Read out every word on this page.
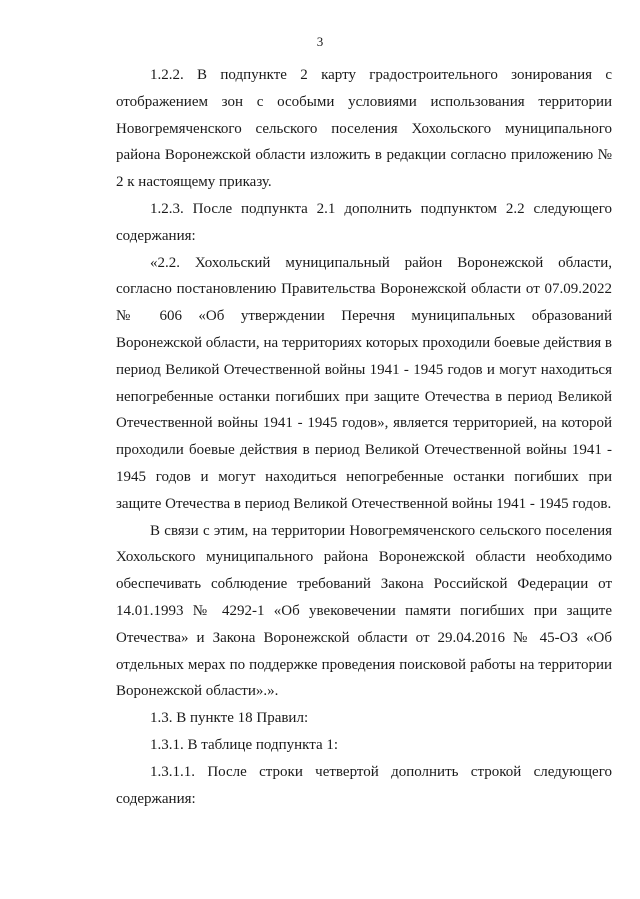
3

1.2.2. В подпункте 2 карту градостроительного зонирования с отображением зон с особыми условиями использования территории Новогремяченского сельского поселения Хохольского муниципального района Воронежской области изложить в редакции согласно приложению № 2 к настоящему приказу.

1.2.3. После подпункта 2.1 дополнить подпунктом 2.2 следующего содержания:

«2.2. Хохольский муниципальный район Воронежской области, согласно постановлению Правительства Воронежской области от 07.09.2022 № 606 «Об утверждении Перечня муниципальных образований Воронежской области, на территориях которых проходили боевые действия в период Великой Отечественной войны 1941 - 1945 годов и могут находиться непогребенные останки погибших при защите Отечества в период Великой Отечественной войны 1941 - 1945 годов», является территорией, на которой проходили боевые действия в период Великой Отечественной войны 1941 - 1945 годов и могут находиться непогребенные останки погибших при защите Отечества в период Великой Отечественной войны 1941 - 1945 годов.

В связи с этим, на территории Новогремяченского сельского поселения Хохольского муниципального района Воронежской области необходимо обеспечивать соблюдение требований Закона Российской Федерации от 14.01.1993 № 4292-1 «Об увековечении памяти погибших при защите Отечества» и Закона Воронежской области от 29.04.2016 № 45-ОЗ «Об отдельных мерах по поддержке проведения поисковой работы на территории Воронежской области».».

1.3. В пункте 18 Правил:

1.3.1. В таблице подпункта 1:

1.3.1.1. После строки четвертой дополнить строкой следующего содержания:
